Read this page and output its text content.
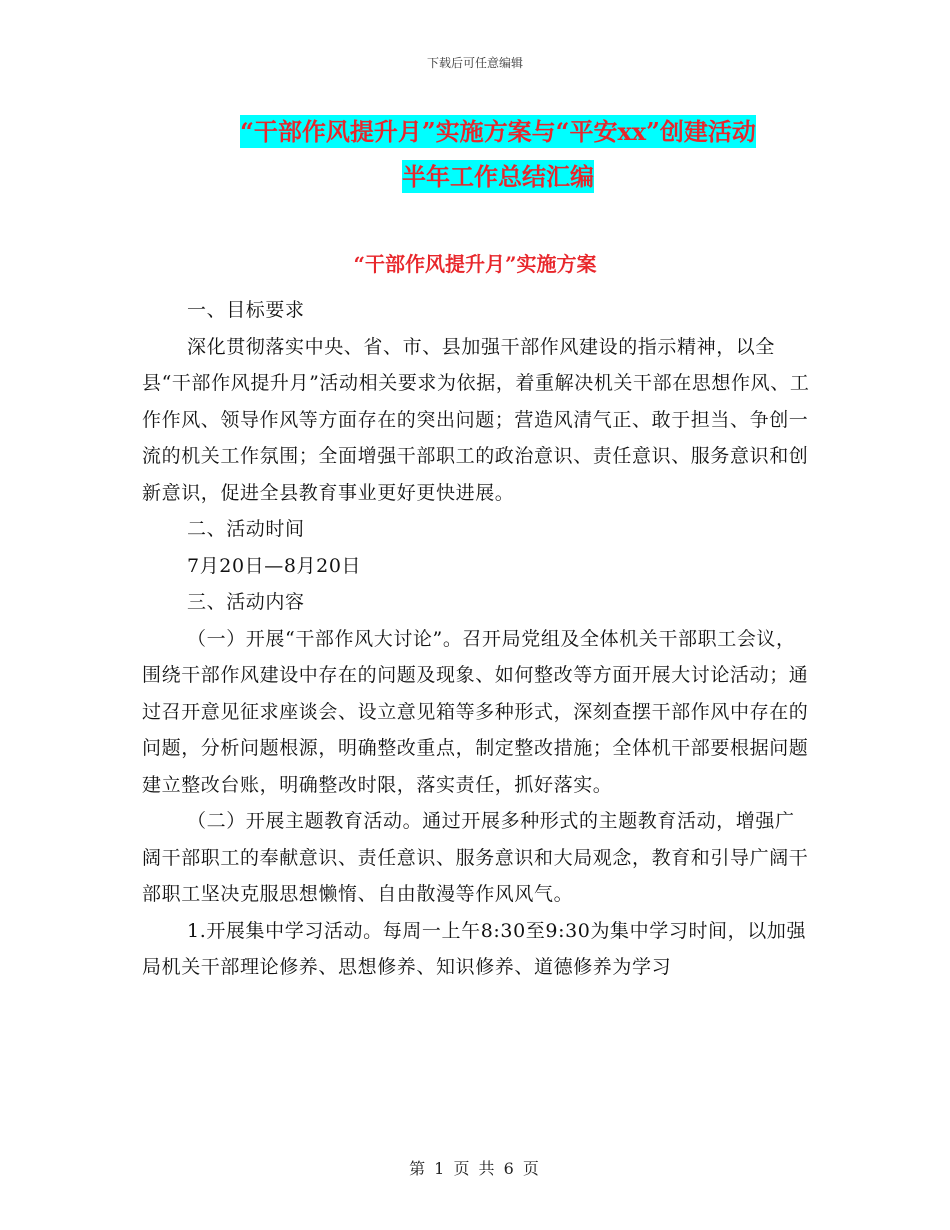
下载后可任意编辑
“干部作风提升月”实施方案与“平安xx”创建活动
半年工作总结汇编
“干部作风提升月”实施方案

一、目标要求

深化贯彻落实中央、省、市、县加强干部作风建设的指示精神，以全县“干部作风提升月”活动相关要求为依据，着重解决机关干部在思想作风、工作作风、领导作风等方面存在的突出问题；营造风清气正、敢于担当、争创一流的机关工作氛围；全面增强干部职工的政治意识、责任意识、服务意识和创新意识，促进全县教育事业更好更快进展。

二、活动时间

7月20日—8月20日

三、活动内容

（一）开展“干部作风大讨论”。召开局党组及全体机关干部职工会议，围绕干部作风建设中存在的问题及现象、如何整改等方面开展大讨论活动；通过召开意见征求座谈会、设立意见箱等多种形式，深刻查摆干部作风中存在的问题，分析问题根源，明确整改重点，制定整改措施；全体机干部要根据问题建立整改台账，明确整改时限，落实责任，抓好落实。

（二）开展主题教育活动。通过开展多种形式的主题教育活动，增强广阔干部职工的奉献意识、责任意识、服务意识和大局观念，教育和引导广阔干部职工坚决克服思想懒惰、自由散漫等作风风气。

1.开展集中学习活动。每周一上午8:30至9:30为集中学习时间，以加强局机关干部理论修养、思想修养、知识修养、道德修养为学习

第 1 页 共 6 页
